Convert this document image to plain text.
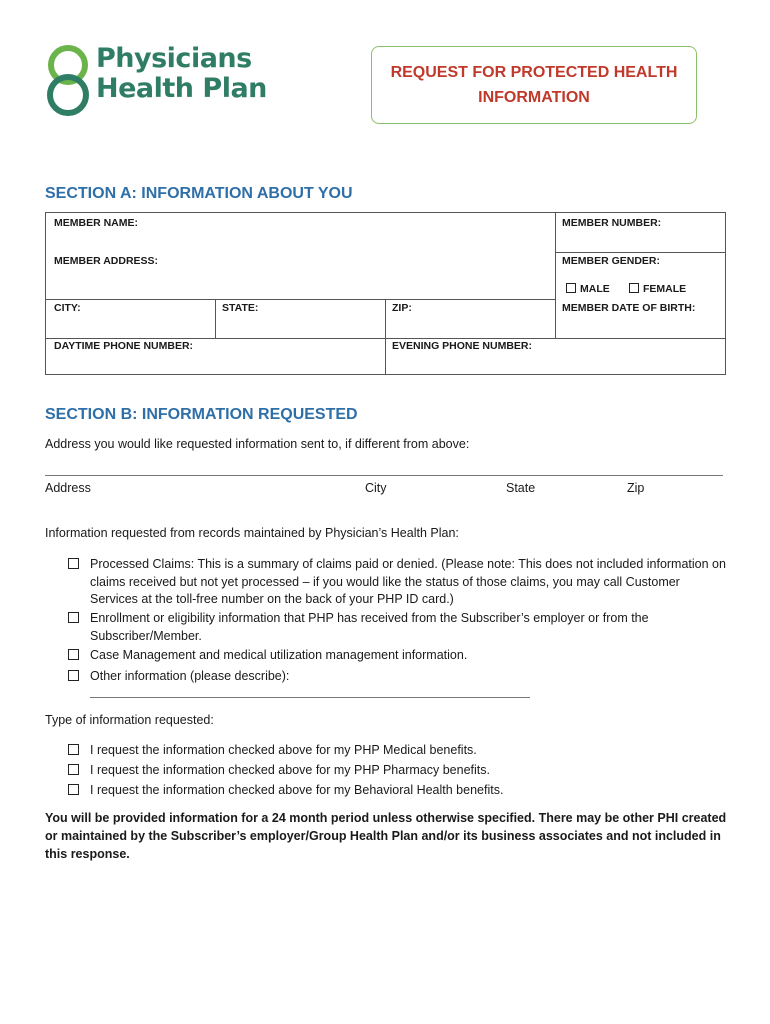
Physicians
Health Plan
REQUEST FOR PROTECTED HEALTH INFORMATION
SECTION A: INFORMATION ABOUT YOU
MEMBER NAME:	MEMBER NUMBER:
MEMBER ADDRESS:	MEMBER GENDER:
MALE	FEMALE
CITY:	STATE:	ZIP:	MEMBER DATE OF BIRTH:
DAYTIME PHONE NUMBER:	EVENING PHONE NUMBER:
SECTION B: INFORMATION REQUESTED
Address you would like requested information sent to, if different from above:
Address	City	State	Zip
Information requested from records maintained by Physician’s Health Plan:
Processed Claims: This is a summary of claims paid or denied. (Please note: This does not included information on claims received but not yet processed – if you would like the status of those claims, you may call Customer Services at the toll-free number on the back of your PHP ID card.)
Enrollment or eligibility information that PHP has received from the Subscriber’s employer or from the Subscriber/Member.
Case Management and medical utilization management information.
Other information (please describe):
Type of information requested:
I request the information checked above for my PHP Medical benefits.
I request the information checked above for my PHP Pharmacy benefits.
I request the information checked above for my Behavioral Health benefits.
You will be provided information for a 24 month period unless otherwise specified. There may be other PHI created or maintained by the Subscriber’s employer/Group Health Plan and/or its business associates and not included in this response.
